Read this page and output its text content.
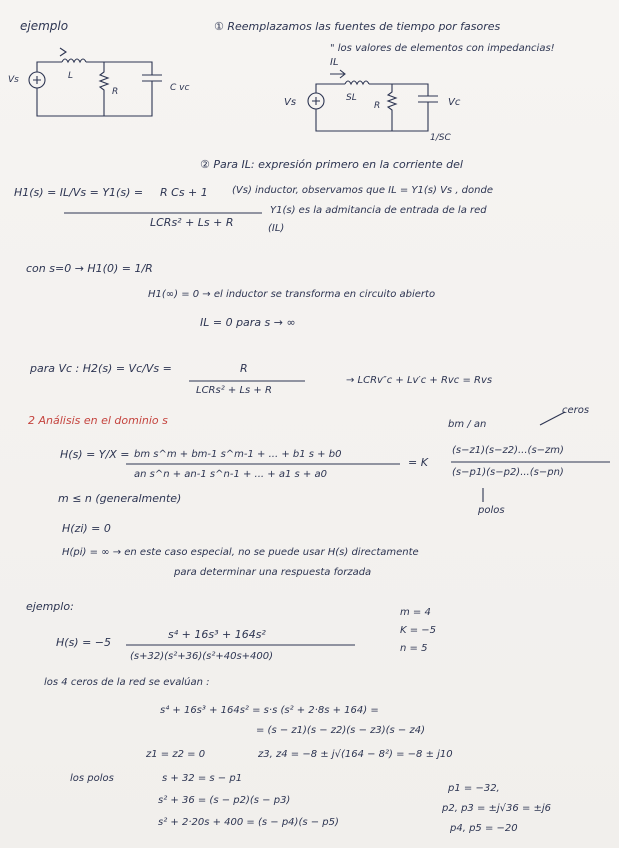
ejemplo	① Reemplazamos las fuentes de tiempo por fasores
" los valores de elementos con impedancias!
Vs	L
R	C vc
IL
SL
R
Vs	Vc
1/SC
② Para IL: expresión primero en la corriente del
H1(s) = IL/Vs = Y1(s) = R Cs + 1
LCRs² + Ls + R
(Vs) inductor, observamos que IL = Y1(s) Vs , donde
Y1(s) es la admitancia de entrada de la red
(IL)
con s=0 → H1(0) = 1/R
H1(∞) = 0 → el inductor se transforma en circuito abierto
IL = 0 para s → ∞
para Vc : H2(s) = Vc/Vs =	R
LCRs² + Ls + R
→ LCRv″c + Lv′c + Rvc = Rvs
2 Análisis en el dominio s
H(s) = Y/X = bm s^m + bm-1 s^m-1 + ... + b1 s + b0
an s^n + an-1 s^n-1 + ... + a1 s + a0
= K
(s−z1)(s−z2)...(s−zm)
(s−p1)(s−p2)...(s−pn)
bm / an
ceros
polos
m ≤ n (generalmente)
H(zi) = 0
H(pi) = ∞ → en este caso especial, no se puede usar H(s) directamente
para determinar una respuesta forzada
ejemplo:
H(s) = −5
s⁴ + 16s³ + 164s²
(s+32)(s²+36)(s²+40s+400)
m = 4
K = −5
n = 5
los 4 ceros de la red se evalúan :
s⁴ + 16s³ + 164s² = s·s (s² + 2·8s + 164) =
= (s − z1)(s − z2)(s − z3)(s − z4)
z1 = z2 = 0	z3, z4 = −8 ± j√(164 − 8²) = −8 ± j10
los polos	s + 32 = s − p1
s² + 36 = (s − p2)(s − p3)
s² + 2·20s + 400 = (s − p4)(s − p5)
p1 = −32,
p2, p3 = ±j√36 = ±j6
p4, p5 = −20
